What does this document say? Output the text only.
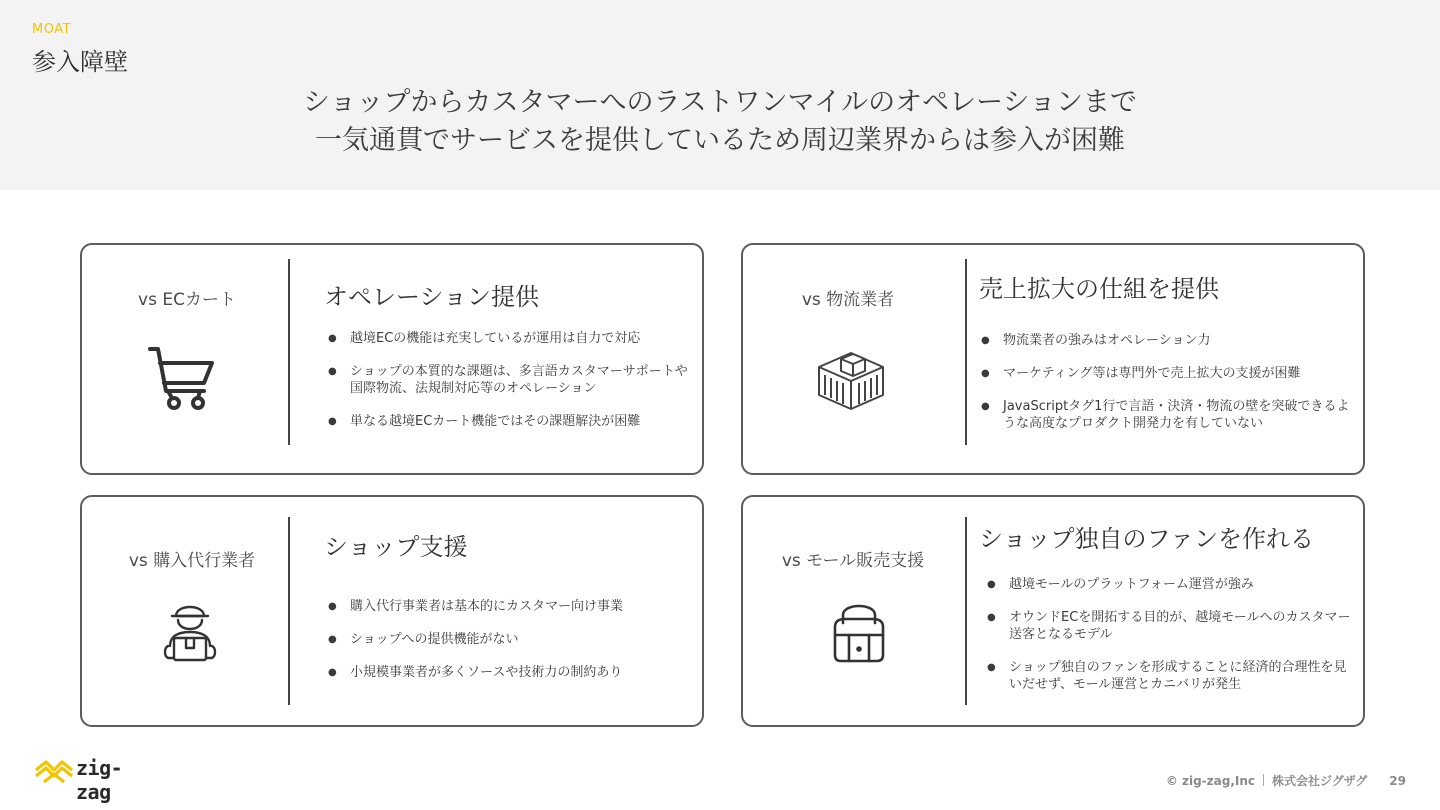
MOAT
参入障壁
ショップからカスタマーへのラストワンマイルのオペレーションまで
一気通貫でサービスを提供しているため周辺業界からは参入が困難
vs ECカート	オペレーション提供
● 越境ECの機能は充実しているが運用は自力で対応
● ショップの本質的な課題は、多言語カスタマーサポートや国際物流、法規制対応等のオペレーション
● 単なる越境ECカート機能ではその課題解決が困難
vs 物流業者	売上拡大の仕組を提供
● 物流業者の強みはオペレーション力
● マーケティング等は専門外で売上拡大の支援が困難
● JavaScriptタグ1行で言語・決済・物流の壁を突破できるような高度なプロダクト開発力を有していない
vs 購入代行業者	ショップ支援
● 購入代行事業者は基本的にカスタマー向け事業
● ショップへの提供機能がない
● 小規模事業者が多くソースや技術力の制約あり
vs モール販売支援
ショップ独自のファンを作れる
● 越境モールのプラットフォーム運営が強み
● オウンドECを開拓する目的が、越境モールへのカスタマー送客となるモデル
● ショップ独自のファンを形成することに経済的合理性を見いだせず、モール運営とカニバリが発生
zig-zag	© zig-zag,Inc 株式会社ジグザグ 29
